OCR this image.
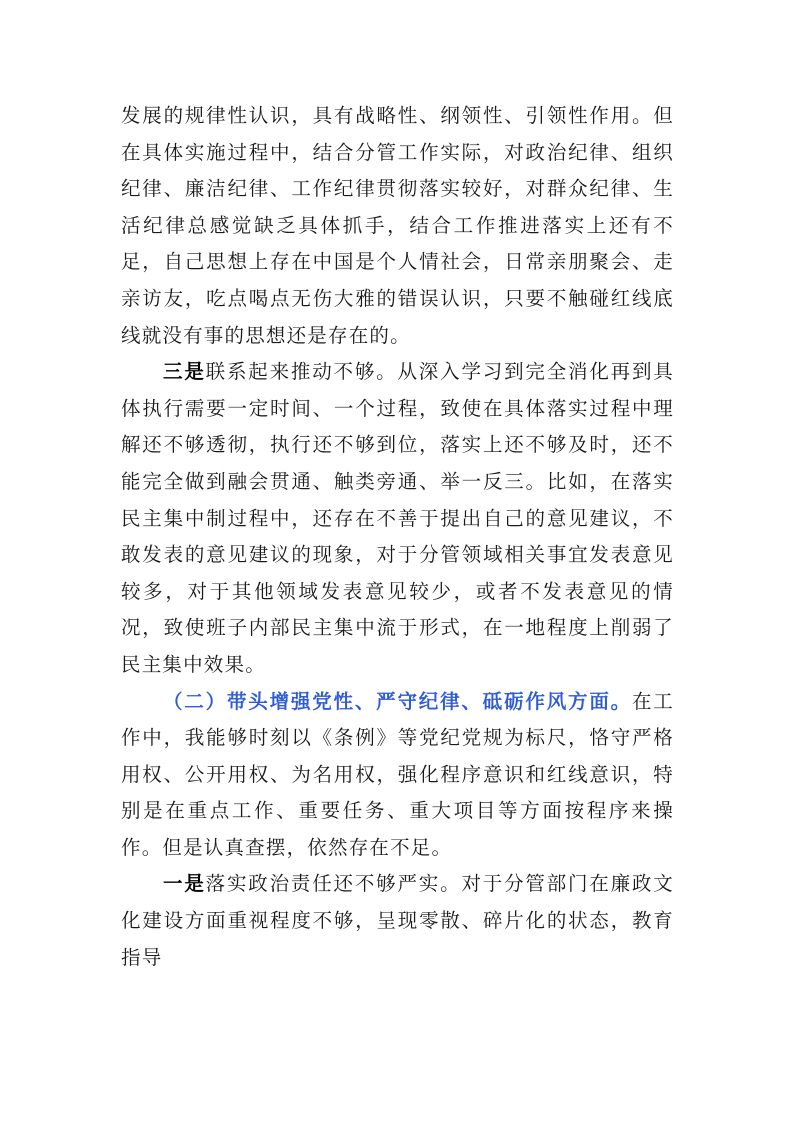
发展的规律性认识，具有战略性、纲领性、引领性作用。但在具体实施过程中，结合分管工作实际，对政治纪律、组织纪律、廉洁纪律、工作纪律贯彻落实较好，对群众纪律、生活纪律总感觉缺乏具体抓手，结合工作推进落实上还有不足，自己思想上存在中国是个人情社会，日常亲朋聚会、走亲访友，吃点喝点无伤大雅的错误认识，只要不触碰红线底线就没有事的思想还是存在的。

三是联系起来推动不够。从深入学习到完全消化再到具体执行需要一定时间、一个过程，致使在具体落实过程中理解还不够透彻，执行还不够到位，落实上还不够及时，还不能完全做到融会贯通、触类旁通、举一反三。比如，在落实民主集中制过程中，还存在不善于提出自己的意见建议，不敢发表的意见建议的现象，对于分管领域相关事宜发表意见较多，对于其他领域发表意见较少，或者不发表意见的情况，致使班子内部民主集中流于形式，在一地程度上削弱了民主集中效果。

（二）带头增强党性、严守纪律、砥砺作风方面。在工作中，我能够时刻以《条例》等党纪党规为标尺，恪守严格用权、公开用权、为名用权，强化程序意识和红线意识，特别是在重点工作、重要任务、重大项目等方面按程序来操作。但是认真查摆，依然存在不足。

一是落实政治责任还不够严实。对于分管部门在廉政文化建设方面重视程度不够，呈现零散、碎片化的状态，教育指导
